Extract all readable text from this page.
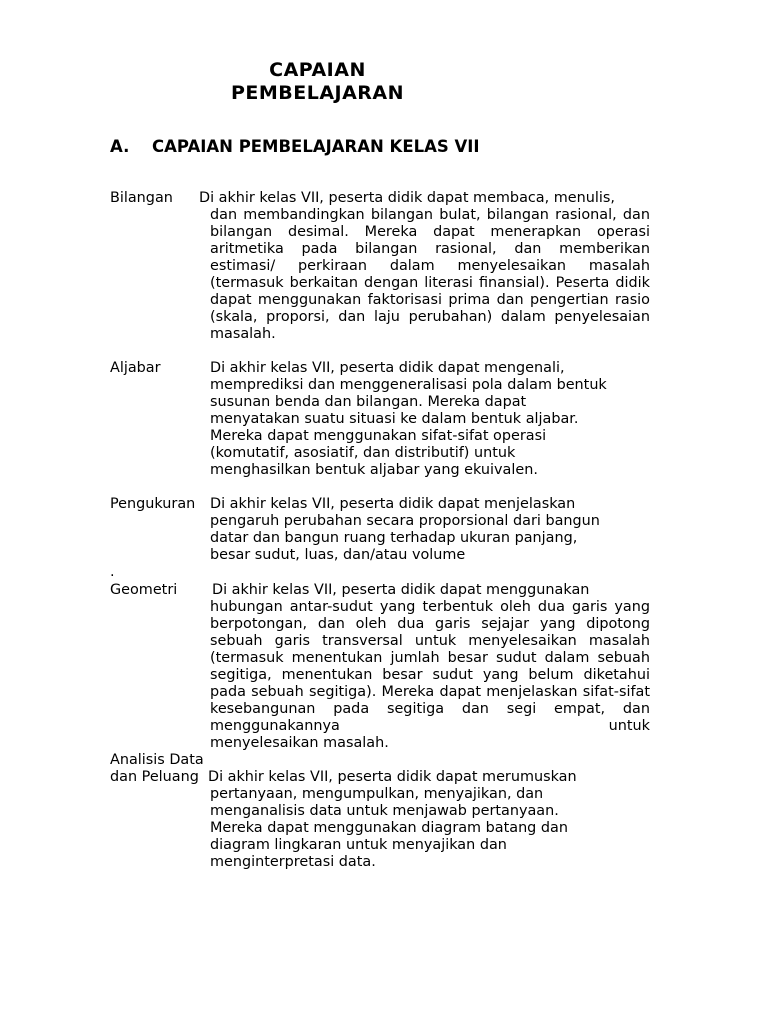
CAPAIAN
PEMBELAJARAN
A. CAPAIAN PEMBELAJARAN KELAS VII
Bilangan Di akhir kelas VII, peserta didik dapat membaca, menulis,
dan membandingkan bilangan bulat, bilangan rasional, dan bilangan desimal. Mereka dapat menerapkan operasi aritmetika pada bilangan rasional, dan memberikan estimasi/ perkiraan dalam menyelesaikan masalah (termasuk berkaitan dengan literasi finansial). Peserta didik dapat menggunakan faktorisasi prima dan pengertian rasio (skala, proporsi, dan laju perubahan) dalam penyelesaian masalah.
Aljabar	Di akhir kelas VII, peserta didik dapat mengenali,
memprediksi dan menggeneralisasi pola dalam bentuk
susunan benda dan bilangan. Mereka dapat
menyatakan suatu situasi ke dalam bentuk aljabar.
Mereka dapat menggunakan sifat-sifat operasi
(komutatif, asosiatif, dan distributif) untuk
menghasilkan bentuk aljabar yang ekuivalen.
Pengukuran Di akhir kelas VII, peserta didik dapat menjelaskan
pengaruh perubahan secara proporsional dari bangun
datar dan bangun ruang terhadap ukuran panjang,
besar sudut, luas, dan/atau volume
.
Geometri Di akhir kelas VII, peserta didik dapat menggunakan
hubungan antar-sudut yang terbentuk oleh dua garis yang berpotongan, dan oleh dua garis sejajar yang dipotong sebuah garis transversal untuk menyelesaikan masalah (termasuk menentukan jumlah besar sudut dalam sebuah segitiga, menentukan besar sudut yang belum diketahui pada sebuah segitiga). Mereka dapat menjelaskan sifat-sifat kesebangunan pada segitiga dan segi empat, dan menggunakannya untuk
menyelesaikan masalah.
Analisis Data
dan Peluang Di akhir kelas VII, peserta didik dapat merumuskan
pertanyaan, mengumpulkan, menyajikan, dan
menganalisis data untuk menjawab pertanyaan.
Mereka dapat menggunakan diagram batang dan
diagram lingkaran untuk menyajikan dan
menginterpretasi data.
